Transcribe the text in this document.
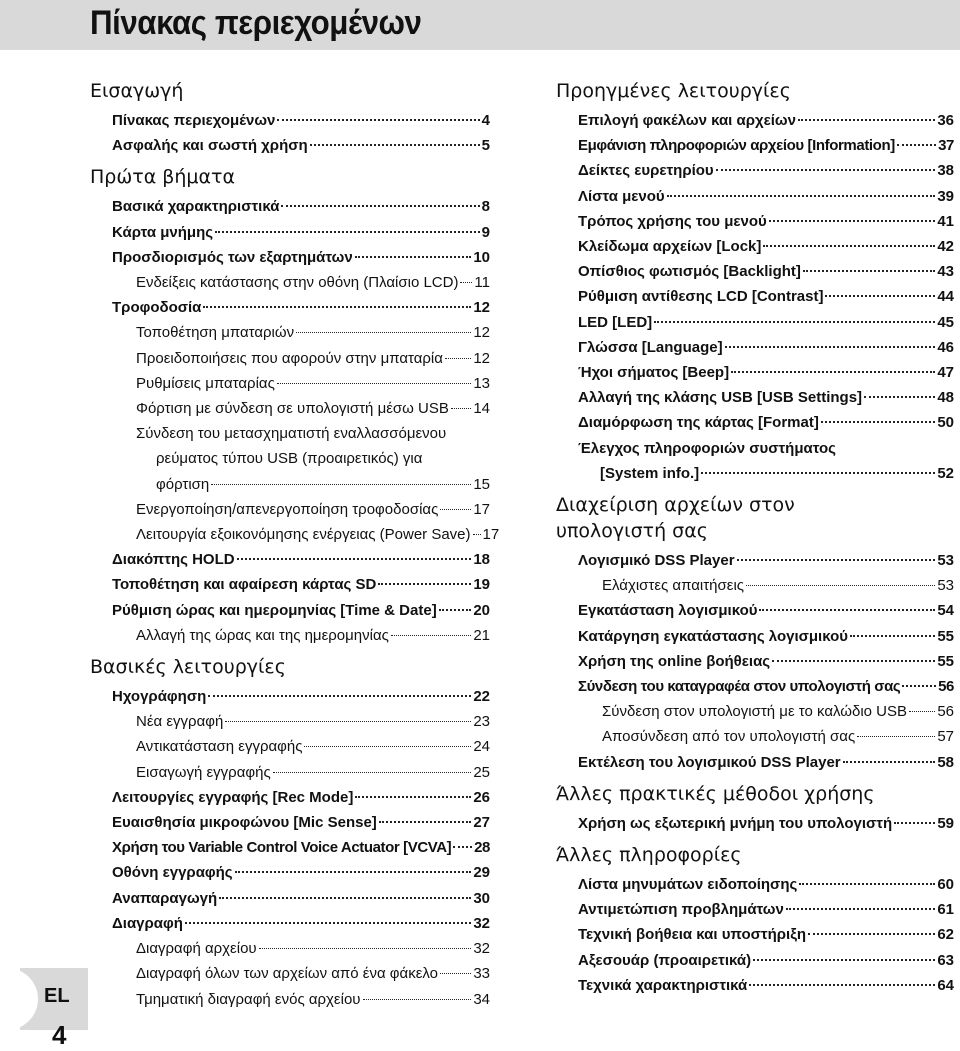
Πίνακας περιεχομένων
EL
4
Εισαγωγή
Πίνακας περιεχομένων	4
Ασφαλής και σωστή χρήση	5
Πρώτα βήματα
Βασικά χαρακτηριστικά	8
Κάρτα μνήμης	9
Προσδιορισμός των εξαρτημάτων	10
Ενδείξεις κατάστασης στην οθόνη (Πλαίσιο LCD) 11
Τροφοδοσία	12
Τοποθέτηση μπαταριών	12
Προειδοποιήσεις που αφορούν στην μπαταρία 12
Ρυθμίσεις μπαταρίας	13
Φόρτιση με σύνδεση σε υπολογιστή μέσω USB 14
Σύνδεση του μετασχηματιστή εναλλασσόμενου
ρεύματος τύπου USB (προαιρετικός) για
φόρτιση	15
Ενεργοποίηση/απενεργοποίηση τροφοδοσίας 17
Λειτουργία εξοικονόμησης ενέργειας (Power Save) 17
Διακόπτης HOLD	18
Τοποθέτηση και αφαίρεση κάρτας SD	19
Ρύθμιση ώρας και ημερομηνίας [Time & Date] 20
Αλλαγή της ώρας και της ημερομηνίας	21
Βασικές λειτουργίες
Ηχογράφηση	22
Νέα εγγραφή	23
Αντικατάσταση εγγραφής	24
Εισαγωγή εγγραφής	25
Λειτουργίες εγγραφής [Rec Mode]	26
Ευαισθησία μικροφώνου [Mic Sense]	27
Χρήση του Variable Control Voice Actuator [VCVA] 28
Οθόνη εγγραφής	29
Αναπαραγωγή	30
Διαγραφή	32
Διαγραφή αρχείου	32
Διαγραφή όλων των αρχείων από ένα φάκελο 33
Τμηματική διαγραφή ενός αρχείου	34
Προηγμένες λειτουργίες
Επιλογή φακέλων και αρχείων	36
Εμφάνιση πληροφοριών αρχείου [Information]	37
Δείκτες ευρετηρίου	38
Λίστα μενού	39
Τρόπος χρήσης του μενού	41
Κλείδωμα αρχείων [Lock]	42
Οπίσθιος φωτισμός [Backlight]	43
Ρύθμιση αντίθεσης LCD [Contrast]	44
LED [LED]	45
Γλώσσα [Language]	46
Ήχοι σήματος [Beep]	47
Αλλαγή της κλάσης USB [USB Settings]	48
Διαμόρφωση της κάρτας [Format]	50
Έλεγχος πληροφοριών συστήματος
[System info.]	52
Διαχείριση αρχείων στον
υπολογιστή σας
Λογισμικό DSS Player	53
Ελάχιστες απαιτήσεις	53
Εγκατάσταση λογισμικού	54
Κατάργηση εγκατάστασης λογισμικού	55
Χρήση της online βοήθειας	55
Σύνδεση του καταγραφέα στον υπολογιστή σας	56
Σύνδεση στον υπολογιστή με το καλώδιο USB 56
Αποσύνδεση από τον υπολογιστή σας	57
Εκτέλεση του λογισμικού DSS Player	58
Άλλες πρακτικές μέθοδοι χρήσης
Χρήση ως εξωτερική μνήμη του υπολογιστή	59
Άλλες πληροφορίες
Λίστα μηνυμάτων ειδοποίησης	60
Αντιμετώπιση προβλημάτων	61
Τεχνική βοήθεια και υποστήριξη	62
Αξεσουάρ (προαιρετικά)	63
Τεχνικά χαρακτηριστικά	64
